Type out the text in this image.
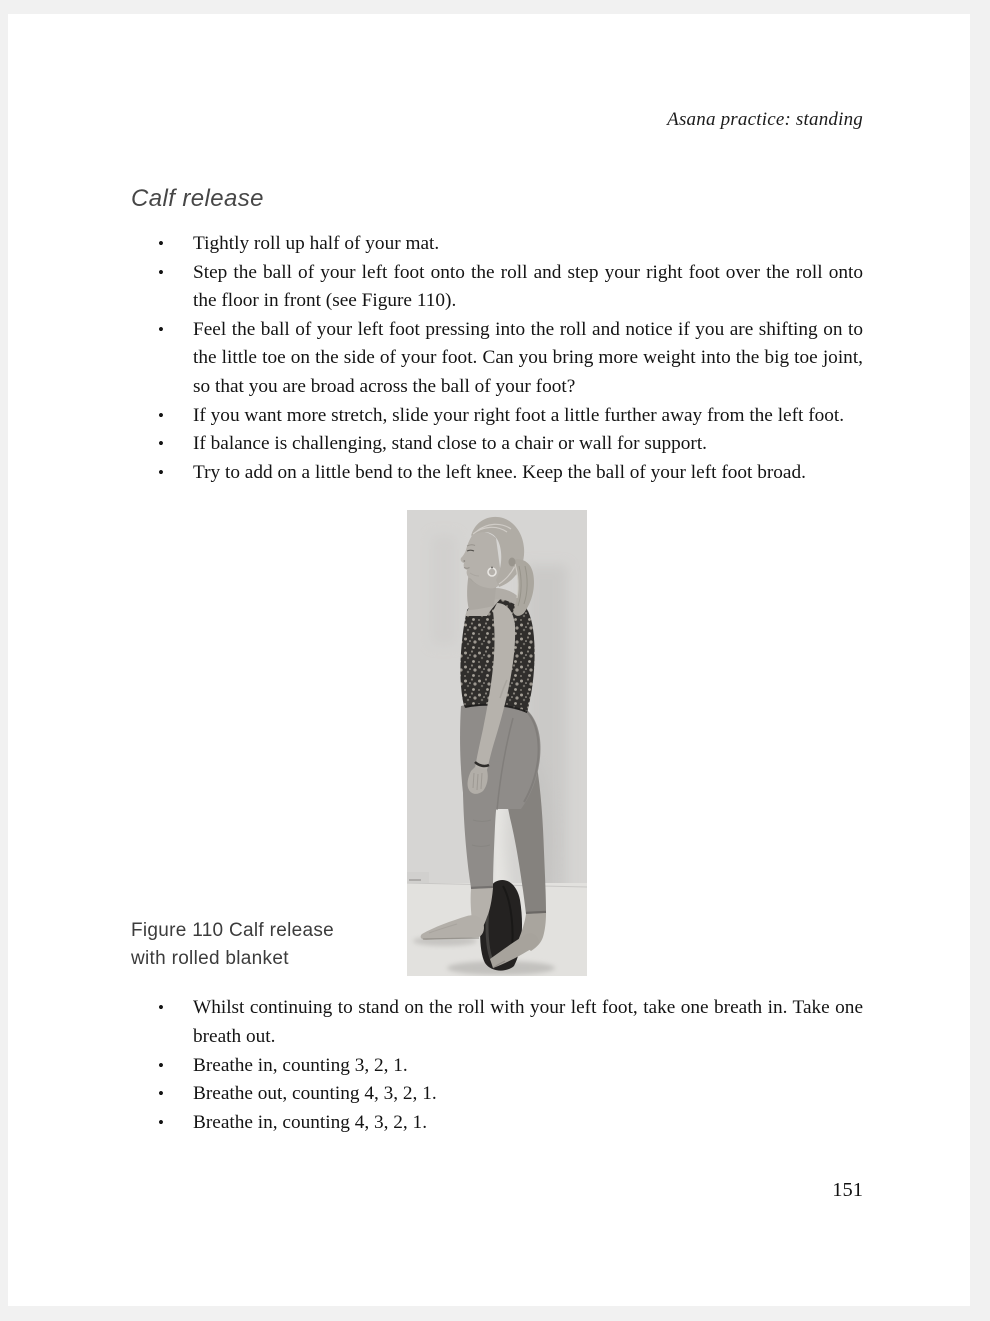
Asana practice: standing
Calf release
• Tightly roll up half of your mat.
• Step the ball of your left foot onto the roll and step your right foot over the roll onto the floor in front (see Figure 110).
• Feel the ball of your left foot pressing into the roll and notice if you are shifting on to the little toe on the side of your foot. Can you bring more weight into the big toe joint, so that you are broad across the ball of your foot?
• If you want more stretch, slide your right foot a little further away from the left foot.
• If balance is challenging, stand close to a chair or wall for support.
• Try to add on a little bend to the left knee. Keep the ball of your left foot broad.
Figure 110 Calf release
with rolled blanket
• Whilst continuing to stand on the roll with your left foot, take one breath in. Take one breath out.
• Breathe in, counting 3, 2, 1.
• Breathe out, counting 4, 3, 2, 1.
• Breathe in, counting 4, 3, 2, 1.
151
